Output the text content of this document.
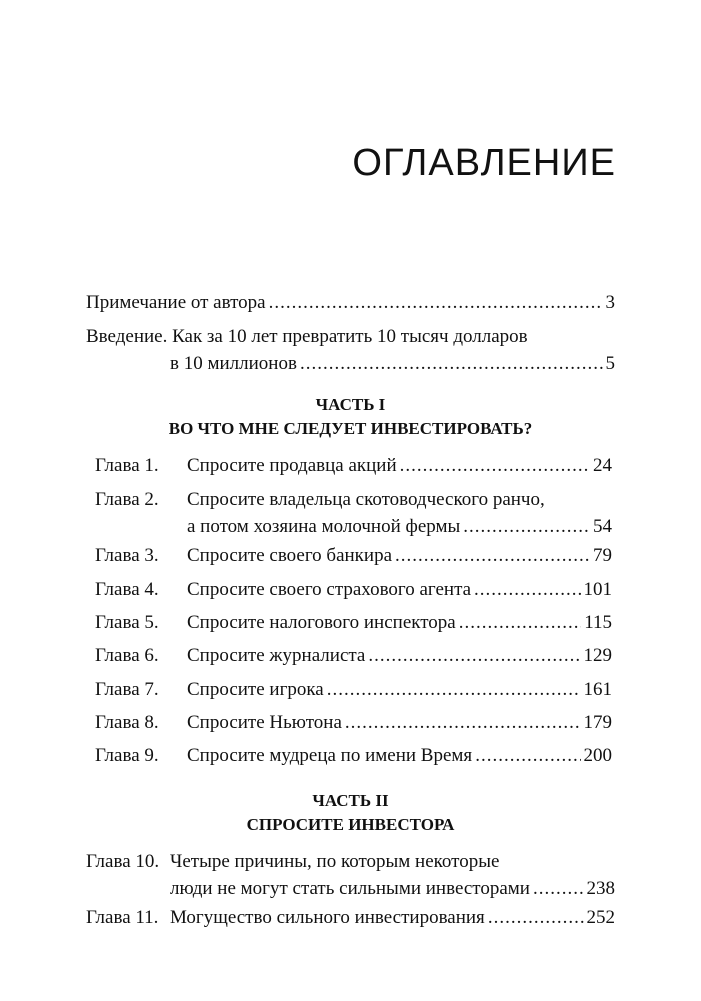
ОГЛАВЛЕНИЕ
Примечание от автора .....	3
Введение. Как за 10 лет превратить 10 тысяч долларов
в 10 миллионов .....	5
ЧАСТЬ I
ВО ЧТО МНЕ СЛЕДУЕТ ИНВЕСТИРОВАТЬ?
Глава 1.	Спросите продавца акций .....	24
Глава 2.	Спросите владельца скотоводческого ранчо,
а потом хозяина молочной фермы .....	54
Глава 3.	Спросите своего банкира .....	79
Глава 4.	Спросите своего страхового агента .....	101
Глава 5.	Спросите налогового инспектора .....	115
Глава 6.	Спросите журналиста .....	129
Глава 7.	Спросите игрока .....	161
Глава 8.	Спросите Ньютона .....	179
Глава 9.	Спросите мудреца по имени Время .....	200
ЧАСТЬ II
СПРОСИТЕ ИНВЕСТОРА
Глава 10. Четыре причины, по которым некоторые
люди не могут стать сильными инвесторами .....	238
Глава 11. Могущество сильного инвестирования .....	252
